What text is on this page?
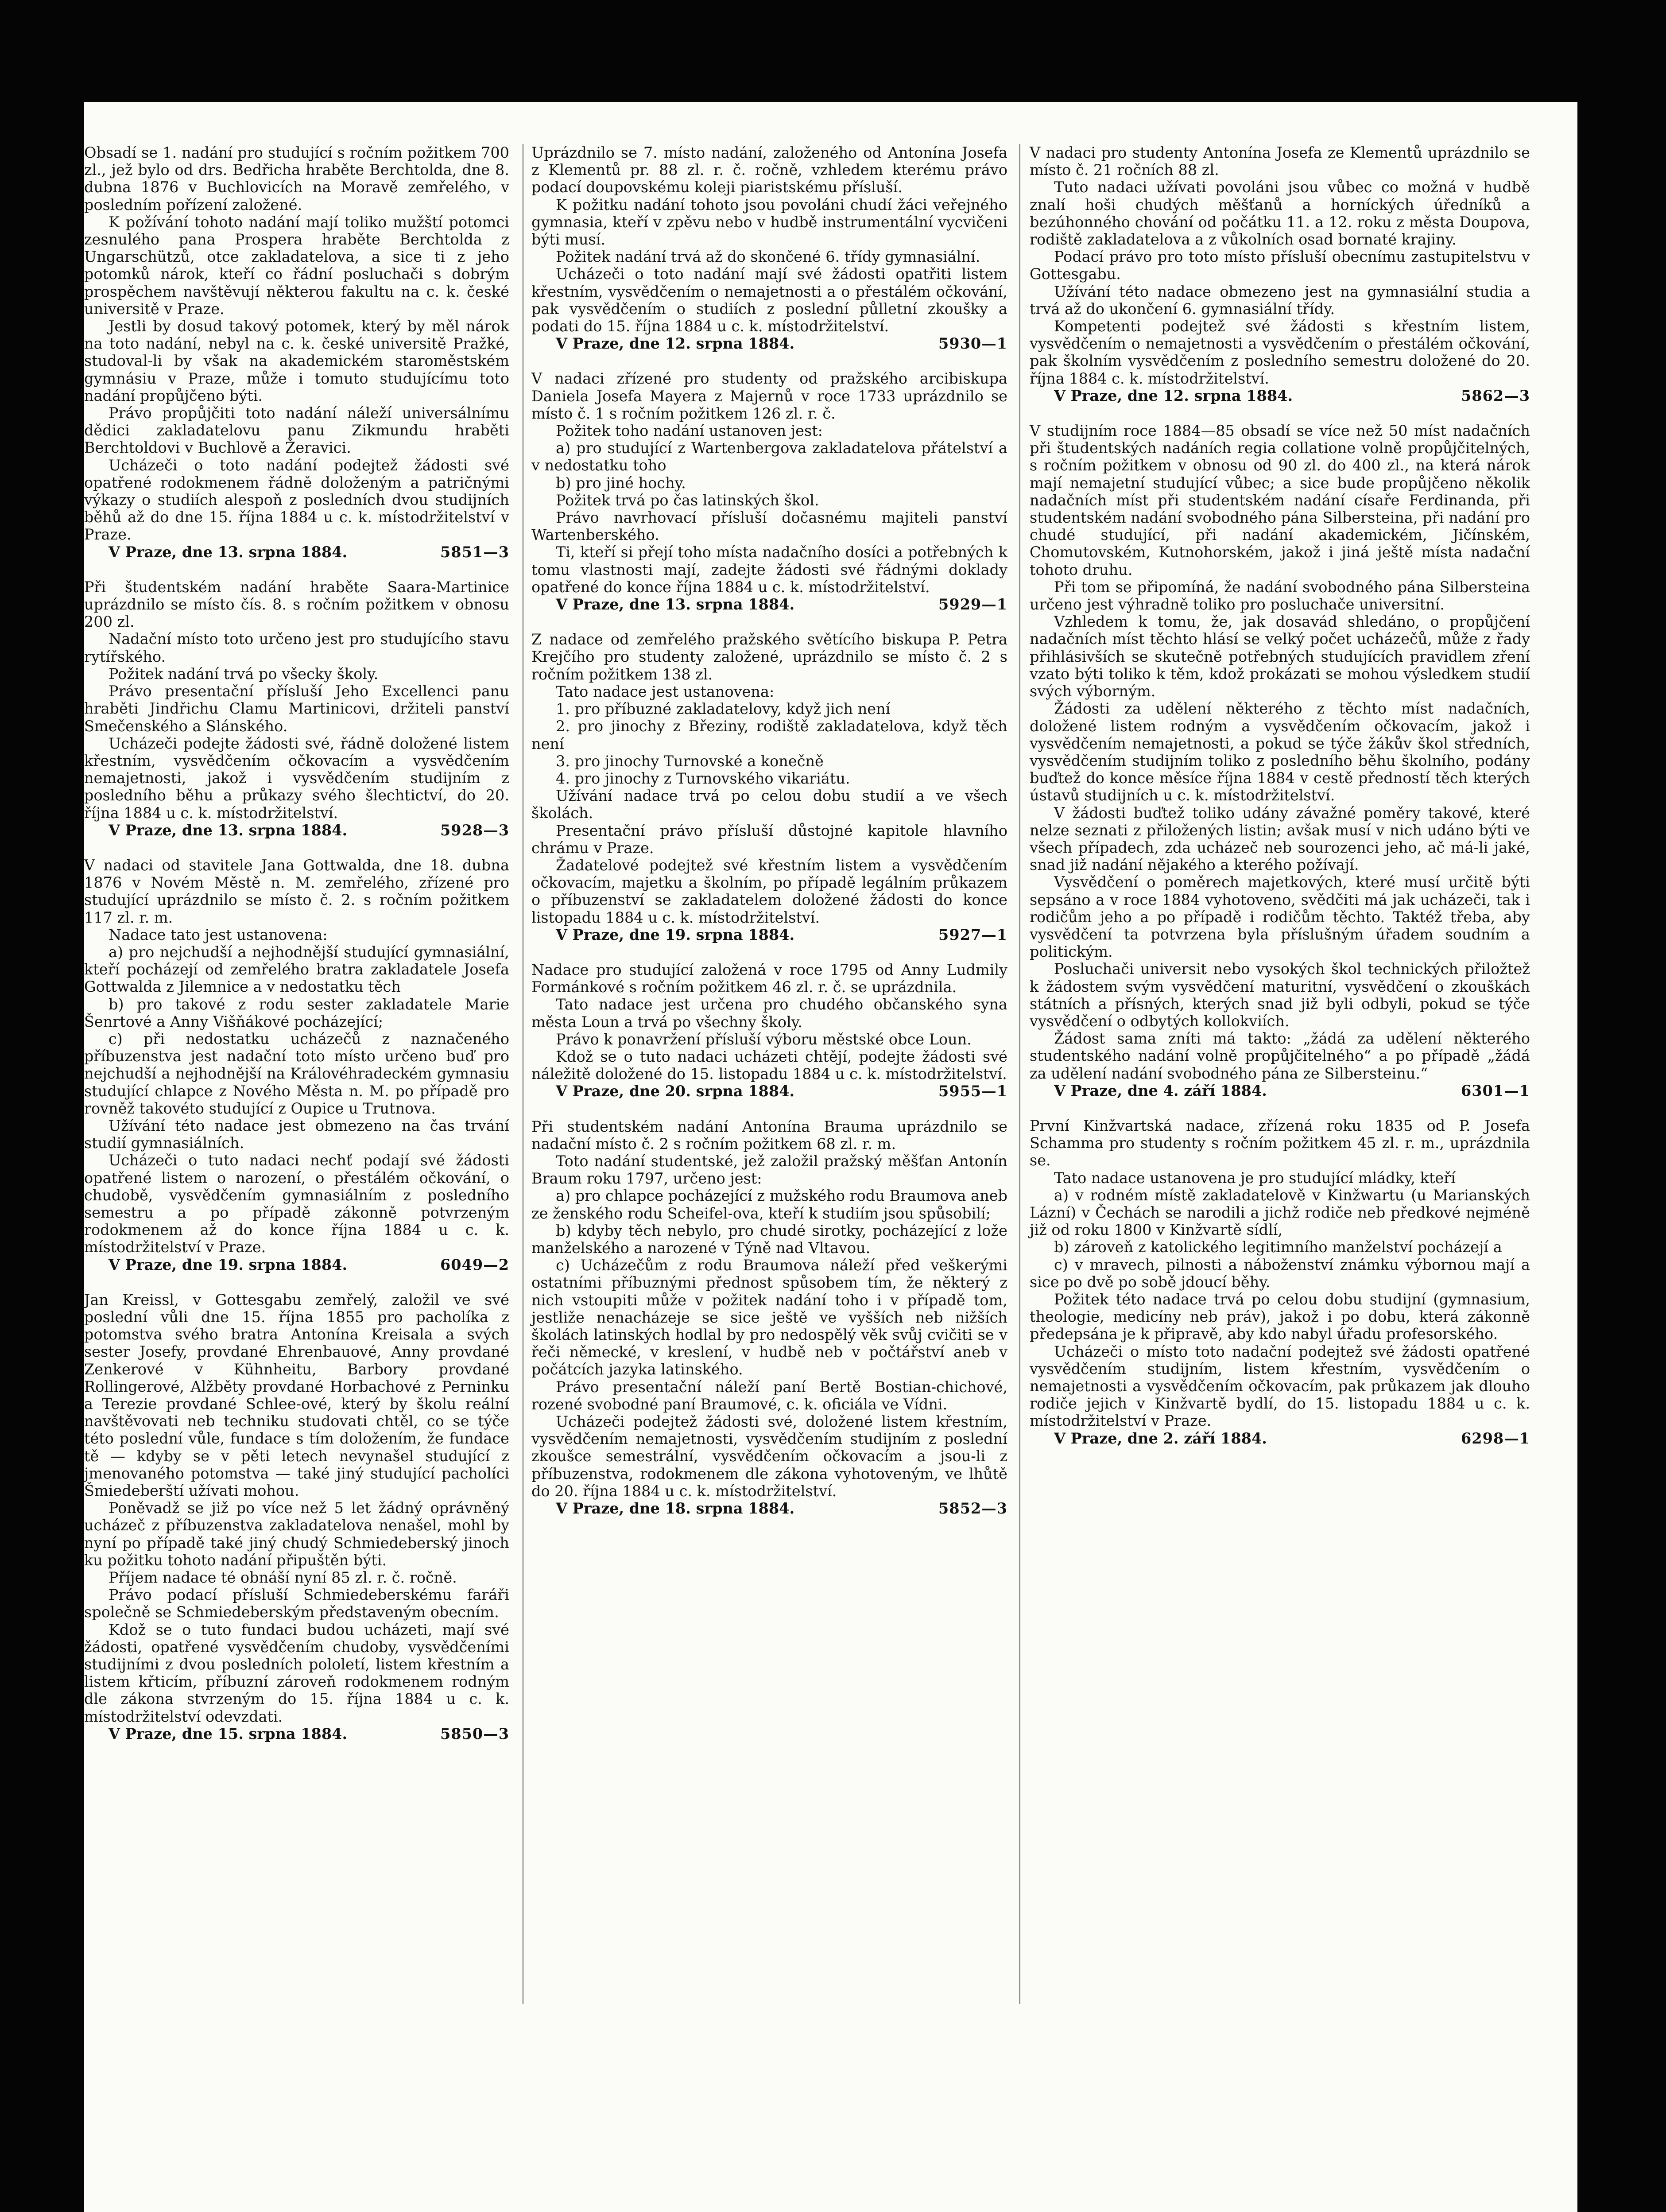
Obsadí se 1. nadání pro studující s ročním požitkem 700 zl., jež bylo od drs. Bedřicha hraběte Berchtolda, dne 8. dubna 1876 v Buchlovicích na Moravě zemřelého, v posledním pořízení založené.

K požívání tohoto nadání mají toliko mužští potomci zesnulého pana Prospera hraběte Berchtolda z Ungarschützů, otce zakladatelova, a sice ti z jeho potomků nárok, kteří co řádní posluchači s dobrým prospěchem navštěvují některou fakultu na c. k. české universitě v Praze.

Jestli by dosud takový potomek, který by měl nárok na toto nadání, nebyl na c. k. české universitě Pražké, studoval-li by však na akademickém staroměstském gymnásiu v Praze, může i tomuto studujícímu toto nadání propůjčeno býti.

Právo propůjčiti toto nadání náleží universálnímu dědici zakladatelovu panu Zikmundu hraběti Berchtoldovi v Buchlově a Žeravici.

Ucházeči o toto nadání podejtež žádosti své opatřené rodokmenem řádně doloženým a patričnými výkazy o studiích alespoň z posledních dvou studijních běhů až do dne 15. října 1884 u c. k. místodržitelství v Praze.

V Praze, dne 13. srpna 1884.	5851—3

Při študentském nadání hraběte Saara-Martinice uprázdnilo se místo čís. 8. s ročním požitkem v obnosu 200 zl.

Nadační místo toto určeno jest pro studujícího stavu rytířského.

Požitek nadání trvá po všecky školy.

Právo presentační přísluší Jeho Excellenci panu hraběti Jindřichu Clamu Martinicovi, držiteli panství Smečenského a Slánského.

Ucházeči podejte žádosti své, řádně doložené listem křestním, vysvědčením očkovacím a vysvědčením nemajetnosti, jakož i vysvědčením studijním z posledního běhu a průkazy svého šlechtictví, do 20. října 1884 u c. k. místodržitelství.

V Praze, dne 13. srpna 1884.	5928—3

V nadaci od stavitele Jana Gottwalda, dne 18. dubna 1876 v Novém Městě n. M. zemřelého, zřízené pro studující uprázdnilo se místo č. 2. s ročním požitkem 117 zl. r. m.

Nadace tato jest ustanovena:

a) pro nejchudší a nejhodnější studující gymnasiální, kteří pocházejí od zemřelého bratra zakladatele Josefa Gottwalda z Jilemnice a v nedostatku těch

b) pro takové z rodu sester zakladatele Marie Šenrtové a Anny Višňákové pocházející;

c) při nedostatku ucházečů z naznačeného příbuzenstva jest nadační toto místo určeno buď pro nejchudší a nejhodnější na Královéhradeckém gymnasiu studující chlapce z Nového Města n. M. po případě pro rovněž takovéto studující z Oupice u Trutnova.

Užívání této nadace jest obmezeno na čas trvání studií gymnasiálních.

Ucházeči o tuto nadaci nechť podají své žádosti opatřené listem o narození, o přestálém očkování, o chudobě, vysvědčením gymnasiálním z posledního semestru a po případě zákonně potvrzeným rodokmenem až do konce října 1884 u c. k. místodržitelství v Praze.

V Praze, dne 19. srpna 1884.	6049—2

Jan Kreissl, v Gottesgabu zemřelý, založil ve své poslední vůli dne 15. října 1855 pro pacholíka z potomstva svého bratra Antonína Kreisala a svých sester Josefy, provdané Ehrenbauové, Anny provdané Zenkerové v Kühnheitu, Barbory provdané Rollingerové, Alžběty provdané Horbachové z Perninku a Terezie provdané Schlee-ové, který by školu reální navštěvovati neb techniku studovati chtěl, co se týče této poslední vůle, fundace s tím doložením, že fundace tě — kdyby se v pěti letech nevynašel studující z jmenovaného potomstva — také jiný studující pacholíci Šmiedeberští užívati mohou.

Poněvadž se již po více než 5 let žádný oprávněný ucházeč z příbuzenstva zakladatelova nenašel, mohl by nyní po případě také jiný chudý Schmiedeberský jinoch ku požitku tohoto nadání připuštěn býti.

Příjem nadace té obnáší nyní 85 zl. r. č. ročně.

Právo podací přísluší Schmiedeberskému faráři společně se Schmiedeberským představeným obecním.

Kdož se o tuto fundaci budou ucházeti, mají své žádosti, opatřené vysvědčením chudoby, vysvědčeními studijními z dvou posledních pololetí, listem křestním a listem křticím, příbuzní zároveň rodokmenem rodným dle zákona stvrzeným do 15. října 1884 u c. k. místodržitelství odevzdati.

V Praze, dne 15. srpna 1884.	5850—3

Uprázdnilo se 7. místo nadání, založeného od Antonína Josefa z Klementů pr. 88 zl. r. č. ročně, vzhledem kterému právo podací doupovskému koleji piaristskému přísluší.

K požitku nadání tohoto jsou povoláni chudí žáci veřejného gymnasia, kteří v zpěvu nebo v hudbě instrumentální vycvičeni býti musí.

Požitek nadání trvá až do skončené 6. třídy gymnasiální.

Ucházeči o toto nadání mají své žádosti opatřiti listem křestním, vysvědčením o nemajetnosti a o přestálém očkování, pak vysvědčením o studiích z poslední půlletní zkoušky a podati do 15. října 1884 u c. k. místodržitelství.

V Praze, dne 12. srpna 1884.	5930—1

V nadaci zřízené pro studenty od pražského arcibiskupa Daniela Josefa Mayera z Majernů v roce 1733 uprázdnilo se místo č. 1 s ročním požitkem 126 zl. r. č.

Požitek toho nadání ustanoven jest:

a) pro studující z Wartenbergova zakladatelova přátelství a v nedostatku toho

b) pro jiné hochy.

Požitek trvá po čas latinských škol.

Právo navrhovací přísluší dočasnému majiteli panství Wartenberského.

Ti, kteří si přejí toho místa nadačního dosíci a potřebných k tomu vlastnosti mají, zadejte žádosti své řádnými doklady opatřené do konce října 1884 u c. k. místodržitelství.

V Praze, dne 13. srpna 1884.	5929—1

Z nadace od zemřelého pražského světícího biskupa P. Petra Krejčího pro studenty založené, uprázdnilo se místo č. 2 s ročním požitkem 138 zl.

Tato nadace jest ustanovena:

1. pro příbuzné zakladatelovy, když jich není

2. pro jinochy z Březiny, rodiště zakladatelova, když těch není

3. pro jinochy Turnovské a konečně

4. pro jinochy z Turnovského vikariátu.

Užívání nadace trvá po celou dobu studií a ve všech školách.

Presentační právo přísluší důstojné kapitole hlavního chrámu v Praze.

Žadatelové podejtež své křestním listem a vysvědčením očkovacím, majetku a školním, po případě legálním průkazem o příbuzenství se zakladatelem doložené žádosti do konce listopadu 1884 u c. k. místodržitelství.

V Praze, dne 19. srpna 1884.	5927—1

Nadace pro studující založená v roce 1795 od Anny Ludmily Formánkové s ročním požitkem 46 zl. r. č. se uprázdnila.

Tato nadace jest určena pro chudého občanského syna města Loun a trvá po všechny školy.

Právo k ponavržení přísluší výboru městské obce Loun.

Kdož se o tuto nadaci ucházeti chtějí, podejte žádosti své náležitě doložené do 15. listopadu 1884 u c. k. místodržitelství.

V Praze, dne 20. srpna 1884.	5955—1

Při studentském nadání Antonína Brauma uprázdnilo se nadační místo č. 2 s ročním požitkem 68 zl. r. m.

Toto nadání studentské, jež založil pražský měšťan Antonín Braum roku 1797, určeno jest:

a) pro chlapce pocházející z mužského rodu Braumova aneb ze ženského rodu Scheifel-ova, kteří k studiím jsou spůsobilí;

b) kdyby těch nebylo, pro chudé sirotky, pocházející z lože manželského a narozené v Týně nad Vltavou.

c) Ucházečům z rodu Braumova náleží před veškerými ostatními příbuznými přednost spůsobem tím, že některý z nich vstoupiti může v požitek nadání toho i v případě tom, jestliže nenacházeje se sice ještě ve vyšších neb nižších školách latinských hodlal by pro nedospělý věk svůj cvičiti se v řeči německé, v kreslení, v hudbě neb v počtářství aneb v počátcích jazyka latinského.

Právo presentační náleží paní Bertě Bostian-chichové, rozené svobodné paní Braumové, c. k. oficiála ve Vídni.

Ucházeči podejtež žádosti své, doložené listem křestním, vysvědčením nemajetnosti, vysvědčením studijním z poslední zkoušce semestrální, vysvědčením očkovacím a jsou-li z příbuzenstva, rodokmenem dle zákona vyhotoveným, ve lhůtě do 20. října 1884 u c. k. místodržitelství.

V Praze, dne 18. srpna 1884.	5852—3

V nadaci pro studenty Antonína Josefa ze Klementů uprázdnilo se místo č. 21 ročních 88 zl.

Tuto nadaci užívati povoláni jsou vůbec co možná v hudbě znalí hoši chudých měšťanů a horníckých úředníků a bezúhonného chování od počátku 11. a 12. roku z města Doupova, rodiště zakladatelova a z vůkolních osad bornaté krajiny.

Podací právo pro toto místo přísluší obecnímu zastupitelstvu v Gottesgabu.

Užívání této nadace obmezeno jest na gymnasiální studia a trvá až do ukončení 6. gymnasiální třídy.

Kompetenti podejtež své žádosti s křestním listem, vysvědčením o nemajetnosti a vysvědčením o přestálém očkování, pak školním vysvědčením z posledního semestru doložené do 20. října 1884 c. k. místodržitelství.

V Praze, dne 12. srpna 1884.	5862—3

V studijním roce 1884—85 obsadí se více než 50 míst nadačních při študentských nadáních regia collatione volně propůjčitelných, s ročním požitkem v obnosu od 90 zl. do 400 zl., na která nárok mají nemajetní studující vůbec; a sice bude propůjčeno několik nadačních míst při studentském nadání císaře Ferdinanda, při studentském nadání svobodného pána Silbersteina, při nadání pro chudé studující, při nadání akademickém, Jičínském, Chomutovském, Kutnohorském, jakož i jiná ještě místa nadační tohoto druhu.

Při tom se připomíná, že nadání svobodného pána Silbersteina určeno jest výhradně toliko pro posluchače universitní.

Vzhledem k tomu, že, jak dosavád shledáno, o propůjčení nadačních míst těchto hlásí se velký počet ucházečů, může z řady přihlásivších se skutečně potřebných studujících pravidlem zření vzato býti toliko k těm, kdož prokázati se mohou výsledkem studií svých výborným.

Žádosti za udělení některého z těchto míst nadačních, doložené listem rodným a vysvědčením očkovacím, jakož i vysvědčením nemajetnosti, a pokud se týče žákův škol středních, vysvědčením studijním toliko z posledního běhu školního, podány buďtež do konce měsíce října 1884 v cestě předností těch kterých ústavů studijních u c. k. místodržitelství.

V žádosti buďtež toliko udány závažné poměry takové, které nelze seznati z přiložených listin; avšak musí v nich udáno býti ve všech případech, zda ucházeč neb sourozenci jeho, ač má-li jaké, snad již nadání nějakého a kterého požívají.

Vysvědčení o poměrech majetkových, které musí určitě býti sepsáno a v roce 1884 vyhotoveno, svědčiti má jak ucházeči, tak i rodičům jeho a po případě i rodičům těchto. Taktéž třeba, aby vysvědčení ta potvrzena byla příslušným úřadem soudním a politickým.

Posluchači universit nebo vysokých škol technických přiložtež k žádostem svým vysvědčení maturitní, vysvědčení o zkouškách státních a přísných, kterých snad již byli odbyli, pokud se týče vysvědčení o odbytých kollokviích.

Žádost sama zníti má takto: „žádá za udělení některého studentského nadání volně propůjčitelného“ a po případě „žádá za udělení nadání svobodného pána ze Silbersteinu.“

V Praze, dne 4. září 1884.	6301—1

První Kinžvartská nadace, zřízená roku 1835 od P. Josefa Schamma pro studenty s ročním požitkem 45 zl. r. m., uprázdnila se.

Tato nadace ustanovena je pro studující mládky, kteří

a) v rodném místě zakladatelově v Kinžwartu (u Marianských Lázní) v Čechách se narodili a jichž rodiče neb předkové nejméně již od roku 1800 v Kinžvartě sídlí,

b) zároveň z katolického legitimního manželství pocházejí a

c) v mravech, pilnosti a náboženství známku výbornou mají a sice po dvě po sobě jdoucí běhy.

Požitek této nadace trvá po celou dobu studijní (gymnasium, theologie, medicíny neb práv), jakož i po dobu, která zákonně předepsána je k připravě, aby kdo nabyl úřadu profesorského.

Ucházeči o místo toto nadační podejtež své žádosti opatřené vysvědčením studijním, listem křestním, vysvědčením o nemajetnosti a vysvědčením očkovacím, pak průkazem jak dlouho rodiče jejich v Kinžvartě bydlí, do 15. listopadu 1884 u c. k. místodržitelství v Praze.

V Praze, dne 2. září 1884.	6298—1
